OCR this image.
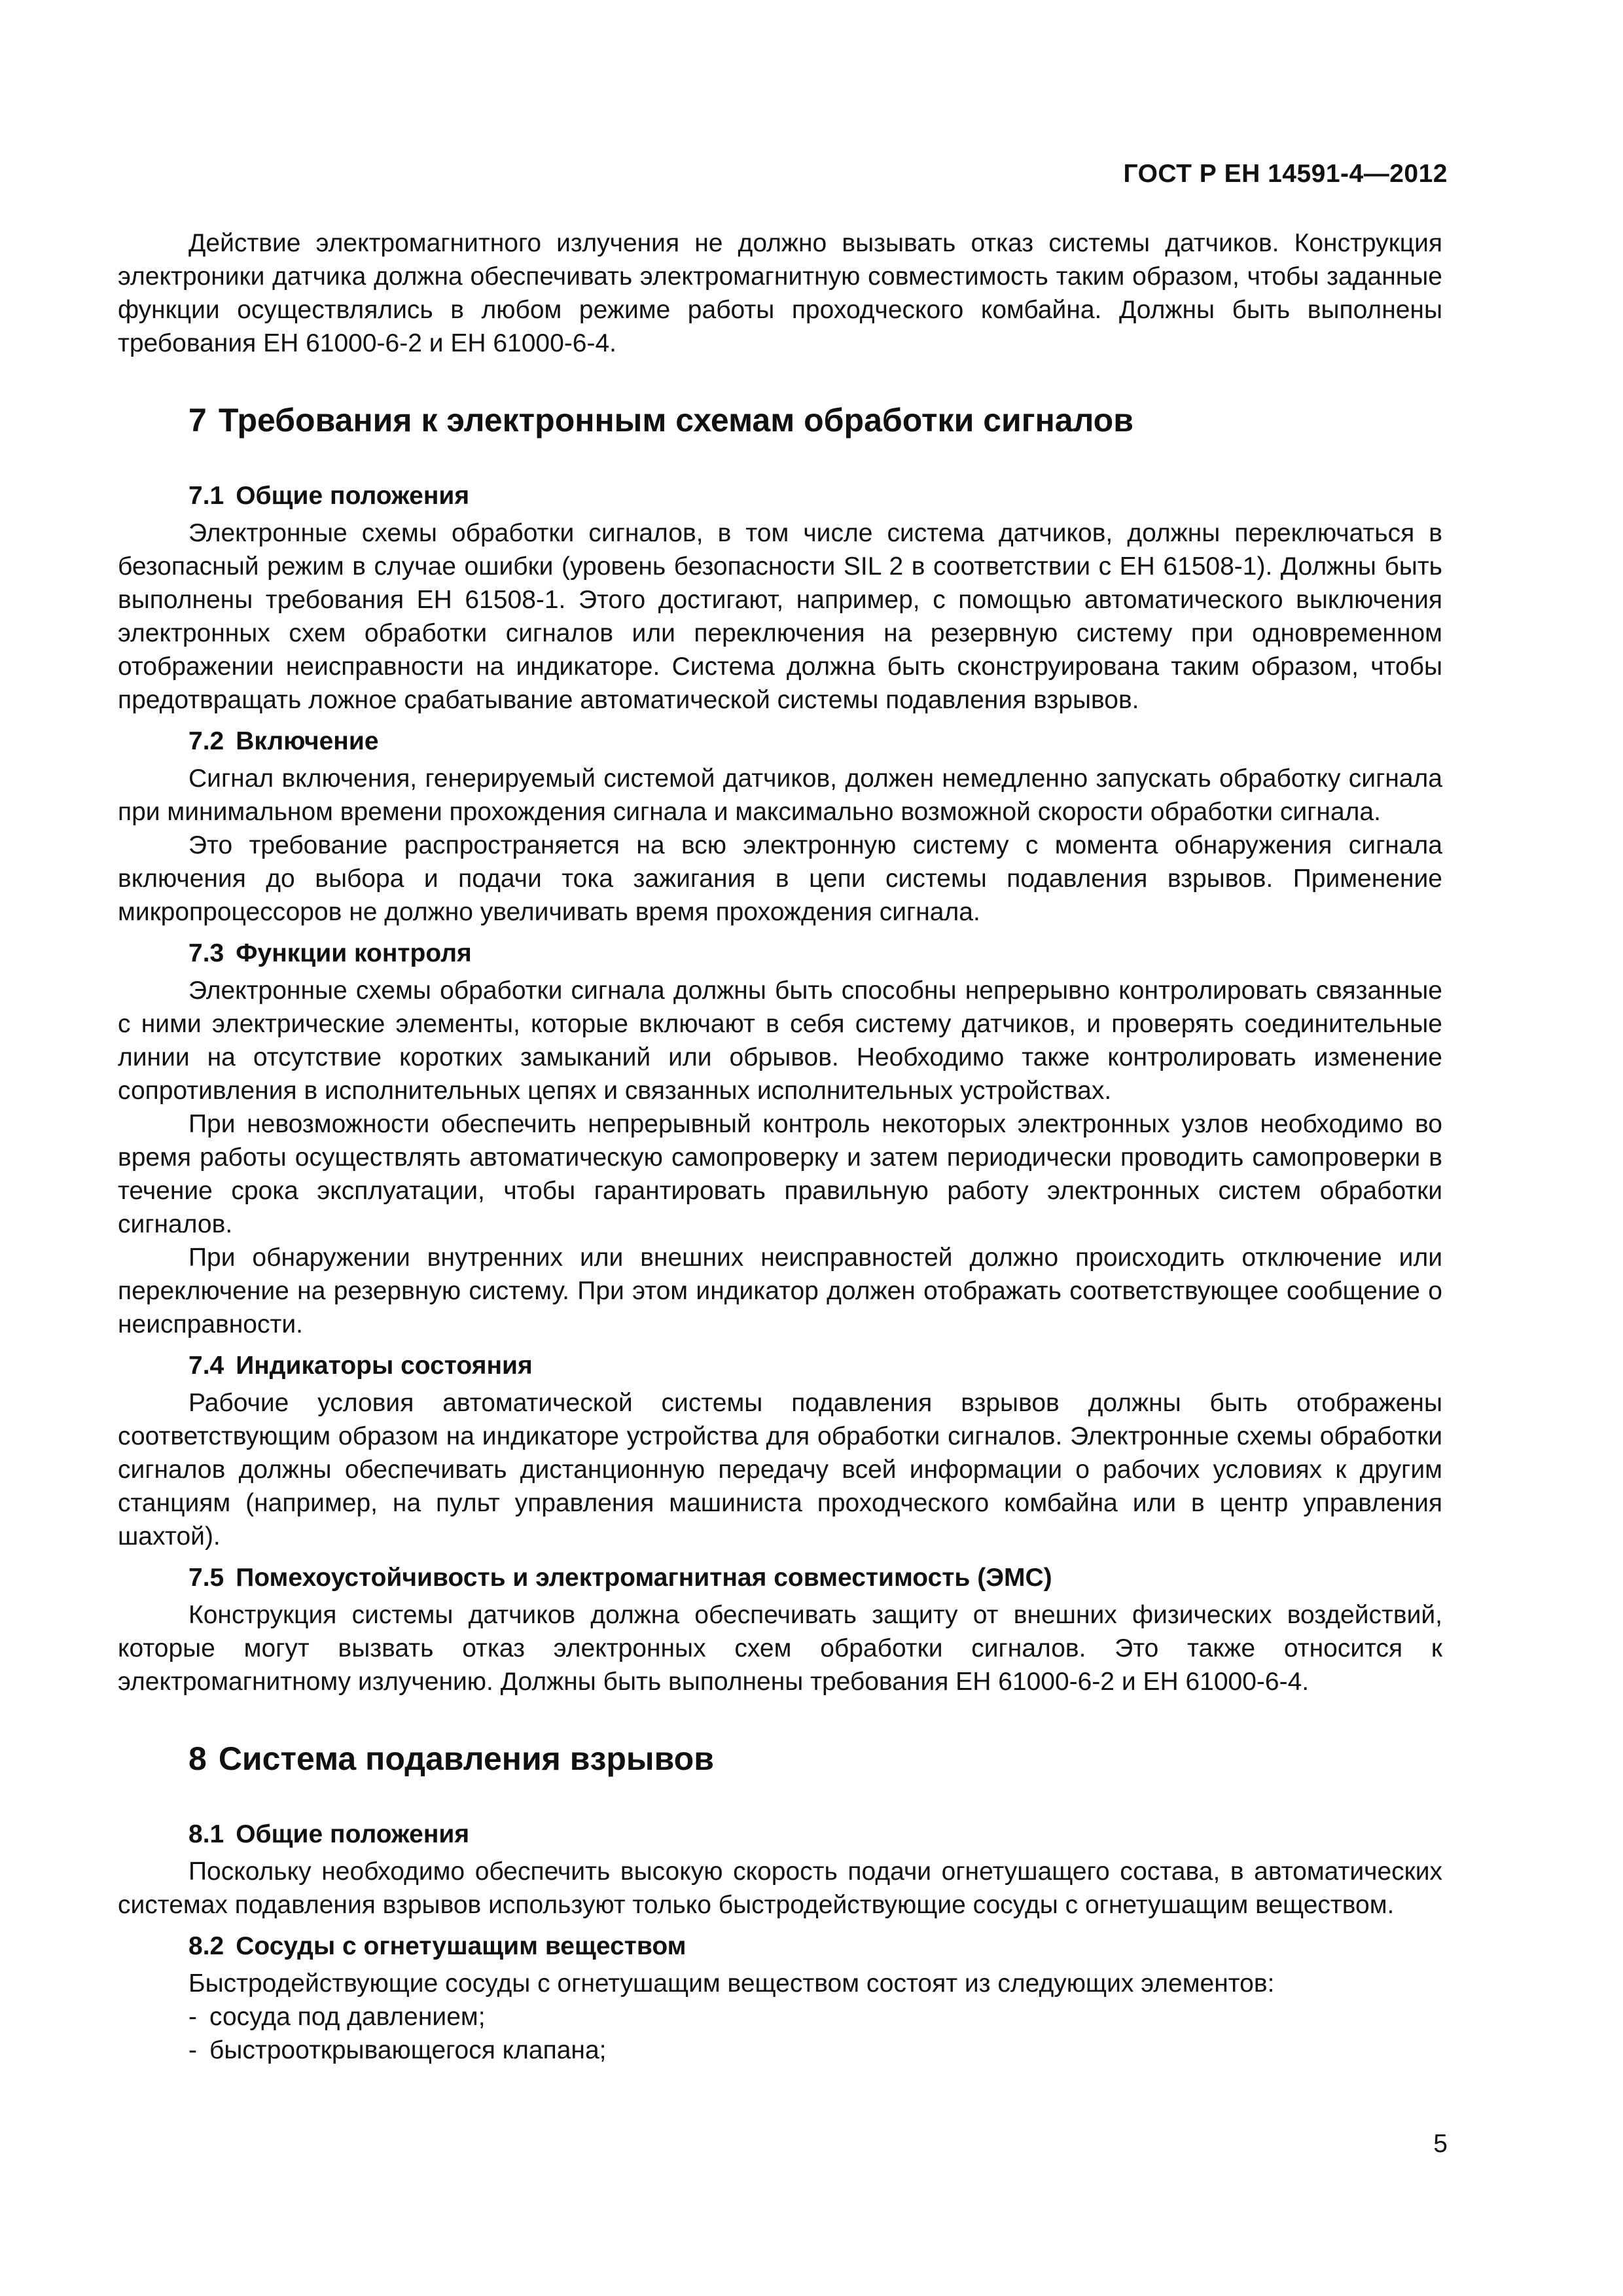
ГОСТ Р ЕН 14591-4—2012

Действие электромагнитного излучения не должно вызывать отказ системы датчиков. Конструкция электроники датчика должна обеспечивать электромагнитную совместимость таким образом, чтобы заданные функции осуществлялись в любом режиме работы проходческого комбайна. Должны быть выполнены требования ЕН 61000-6-2 и ЕН 61000-6-4.

7 Требования к электронным схемам обработки сигналов
7.1 Общие положения

Электронные схемы обработки сигналов, в том числе система датчиков, должны переключаться в безопасный режим в случае ошибки (уровень безопасности SIL 2 в соответствии с ЕН 61508-1). Должны быть выполнены требования ЕН 61508-1. Этого достигают, например, с помощью автоматического выключения электронных схем обработки сигналов или переключения на резервную систему при одновременном отображении неисправности на индикаторе. Система должна быть сконструирована таким образом, чтобы предотвращать ложное срабатывание автоматической системы подавления взрывов.

7.2 Включение

Сигнал включения, генерируемый системой датчиков, должен немедленно запускать обработку сигнала при минимальном времени прохождения сигнала и максимально возможной скорости обработки сигнала.

Это требование распространяется на всю электронную систему с момента обнаружения сигнала включения до выбора и подачи тока зажигания в цепи системы подавления взрывов. Применение микропроцессоров не должно увеличивать время прохождения сигнала.

7.3 Функции контроля

Электронные схемы обработки сигнала должны быть способны непрерывно контролировать связанные с ними электрические элементы, которые включают в себя систему датчиков, и проверять соединительные линии на отсутствие коротких замыканий или обрывов. Необходимо также контролировать изменение сопротивления в исполнительных цепях и связанных исполнительных устройствах.

При невозможности обеспечить непрерывный контроль некоторых электронных узлов необходимо во время работы осуществлять автоматическую самопроверку и затем периодически проводить самопроверки в течение срока эксплуатации, чтобы гарантировать правильную работу электронных систем обработки сигналов.

При обнаружении внутренних или внешних неисправностей должно происходить отключение или переключение на резервную систему. При этом индикатор должен отображать соответствующее сообщение о неисправности.

7.4 Индикаторы состояния

Рабочие условия автоматической системы подавления взрывов должны быть отображены соответствующим образом на индикаторе устройства для обработки сигналов. Электронные схемы обработки сигналов должны обеспечивать дистанционную передачу всей информации о рабочих условиях к другим станциям (например, на пульт управления машиниста проходческого комбайна или в центр управления шахтой).

7.5 Помехоустойчивость и электромагнитная совместимость (ЭМС)

Конструкция системы датчиков должна обеспечивать защиту от внешних физических воздействий, которые могут вызвать отказ электронных схем обработки сигналов. Это также относится к электромагнитному излучению. Должны быть выполнены требования ЕН 61000-6-2 и ЕН 61000-6-4.

8 Система подавления взрывов
8.1 Общие положения

Поскольку необходимо обеспечить высокую скорость подачи огнетушащего состава, в автоматических системах подавления взрывов используют только быстродействующие сосуды с огнетушащим веществом.

8.2 Сосуды с огнетушащим веществом

Быстродействующие сосуды с огнетушащим веществом состоят из следующих элементов:

- сосуда под давлением;
- быстрооткрывающегося клапана;
5
